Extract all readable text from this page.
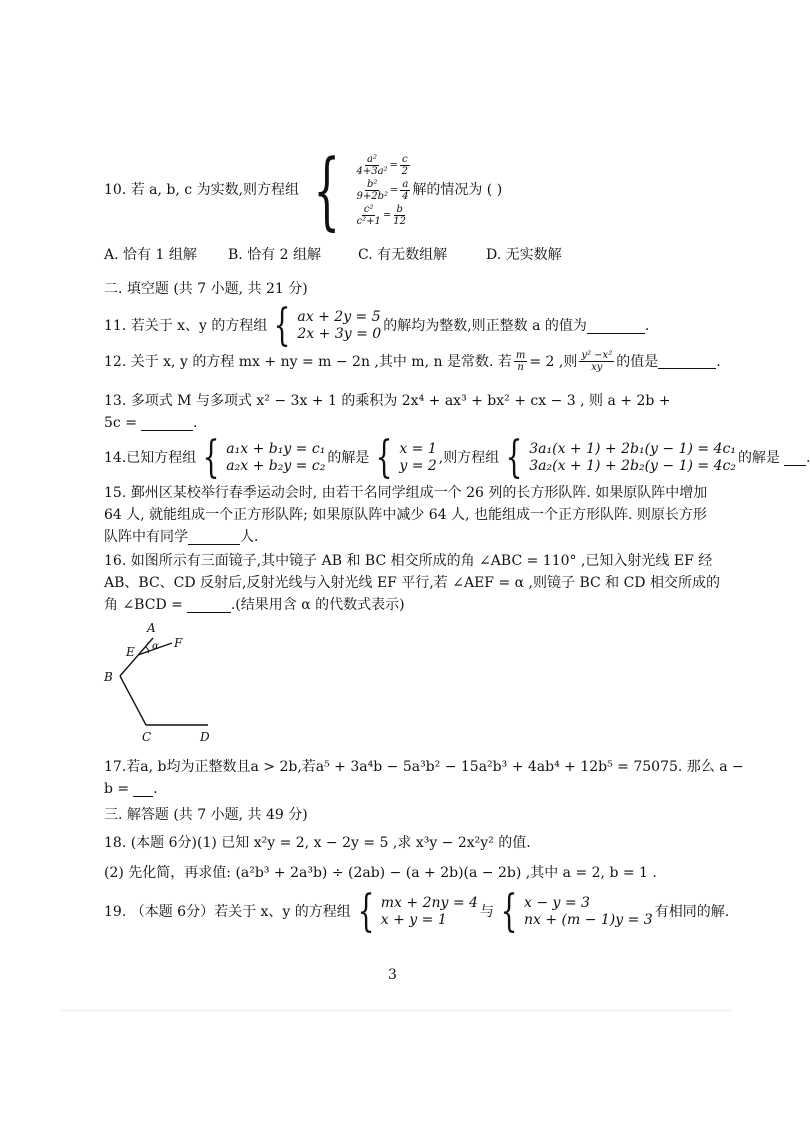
10. 若 a, b, c 为实数,则方程组 { $\frac{\text{a²}}{\text{4+3a²}} = \frac{c}{2}$
$\frac{\text{b²}}{\text{9+2b²}} = \frac{a}{4}$
$\frac{\text{c²}}{\text{c²+1}} = \frac{b}{12}$
解的情况为 ( )
A. 恰有 1 组解 B. 恰有 2 组解	C. 有无数组解	D. 无实数解
二. 填空题 (共 7 小题, 共 21 分)
11. 若关于 x、y 的方程组 { ax + 2y = 5
2x + 3y = 0 的解均为整数,则正整数 a 的值为	.
12. 关于 x, y 的方程 mx + ny = m − 2n ,其中 m, n 是常数. 若 $\frac{m}{n} = 2$ ,则 $\frac{\text{y² −x²}}{xy}$ 的值是	.
13. 多项式 M 与多项式 x² − 3x + 1 的乘积为 2x⁴ + ax³ + bx² + cx − 3 , 则 a + 2b +
5c =	.
14.已知方程组 { a₁x + b₁y = c₁
a₂x + b₂y = c₂ 的解是 { x = 1
y = 2 ,则方程组 { 3a₁(x + 1) + 2b₁(y − 1) = 4c₁
3a₂(x + 1) + 2b₂(y − 1) = 4c₂ 的解是 .
15. 鄞州区某校举行春季运动会时, 由若干名同学组成一个 26 列的长方形队阵. 如果原队阵中增加
64 人, 就能组成一个正方形队阵; 如果原队阵中减少 64 人, 也能组成一个正方形队阵. 则原长方形
队阵中有同学	人.
16. 如图所示有三面镜子,其中镜子 AB 和 BC 相交所成的角 ∠ABC = 110° ,已知入射光线 EF 经
AB、BC、CD 反射后,反射光线与入射光线 EF 平行,若 ∠AEF = α ,则镜子 BC 和 CD 相交所成的
角 ∠BCD =	.(结果用含 α 的代数式表示)
A
E
F
α
B
C	D
17.若a, b均为正整数且a > 2b,若a⁵ + 3a⁴b − 5a³b² − 15a²b³ + 4ab⁴ + 12b⁵ = 75075. 那么 a −
b = .
三. 解答题 (共 7 小题, 共 49 分)
18. (本题 6分)(1) 已知 x²y = 2, x − 2y = 5 ,求 x³y − 2x²y² 的值.
(2) 先化简，再求值: (a²b³ + 2a³b) ÷ (2ab) − (a + 2b)(a − 2b) ,其中 a = 2, b = 1 .
19. （本题 6分）若关于 x、y 的方程组 { mx + 2ny = 4
x + y = 1	与 { x − y = 3
nx + (m − 1)y = 3 有相同的解.
3
